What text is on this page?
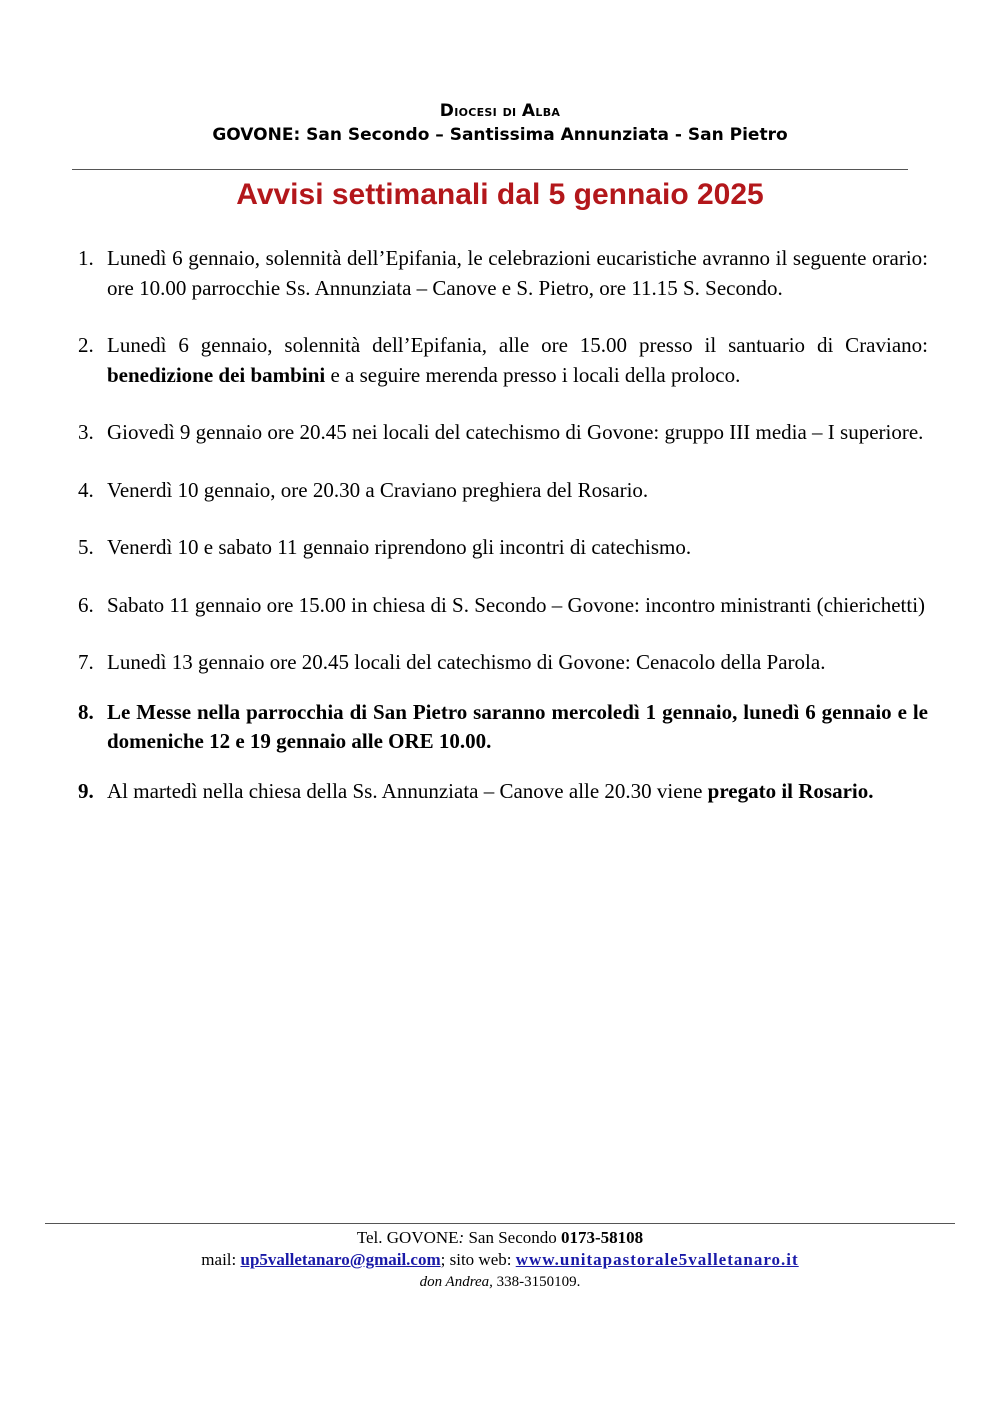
Diocesi di Alba
GOVONE: San Secondo – Santissima Annunziata - San Pietro
Avvisi settimanali dal 5 gennaio 2025
1. Lunedì 6 gennaio, solennità dell’Epifania, le celebrazioni eucaristiche avranno il seguente orario: ore 10.00 parrocchie Ss. Annunziata – Canove e S. Pietro, ore 11.15 S. Secondo.
2. Lunedì 6 gennaio, solennità dell’Epifania, alle ore 15.00 presso il santuario di Craviano: benedizione dei bambini e a seguire merenda presso i locali della proloco.
3. Giovedì 9 gennaio ore 20.45 nei locali del catechismo di Govone: gruppo III media – I superiore.
4. Venerdì 10 gennaio, ore 20.30 a Craviano preghiera del Rosario.
5. Venerdì 10 e sabato 11 gennaio riprendono gli incontri di catechismo.
6. Sabato 11 gennaio ore 15.00 in chiesa di S. Secondo – Govone: incontro ministranti (chierichetti)
7. Lunedì 13 gennaio ore 20.45 locali del catechismo di Govone: Cenacolo della Parola.
8. Le Messe nella parrocchia di San Pietro saranno mercoledì 1 gennaio, lunedì 6 gennaio e le domeniche 12 e 19 gennaio alle ORE 10.00.
9. Al martedì nella chiesa della Ss. Annunziata – Canove alle 20.30 viene pregato il Rosario.
Tel. GOVONE: San Secondo 0173-58108
mail: up5valletanaro@gmail.com; sito web: www.unitapastorale5valletanaro.it
don Andrea, 338-3150109.
